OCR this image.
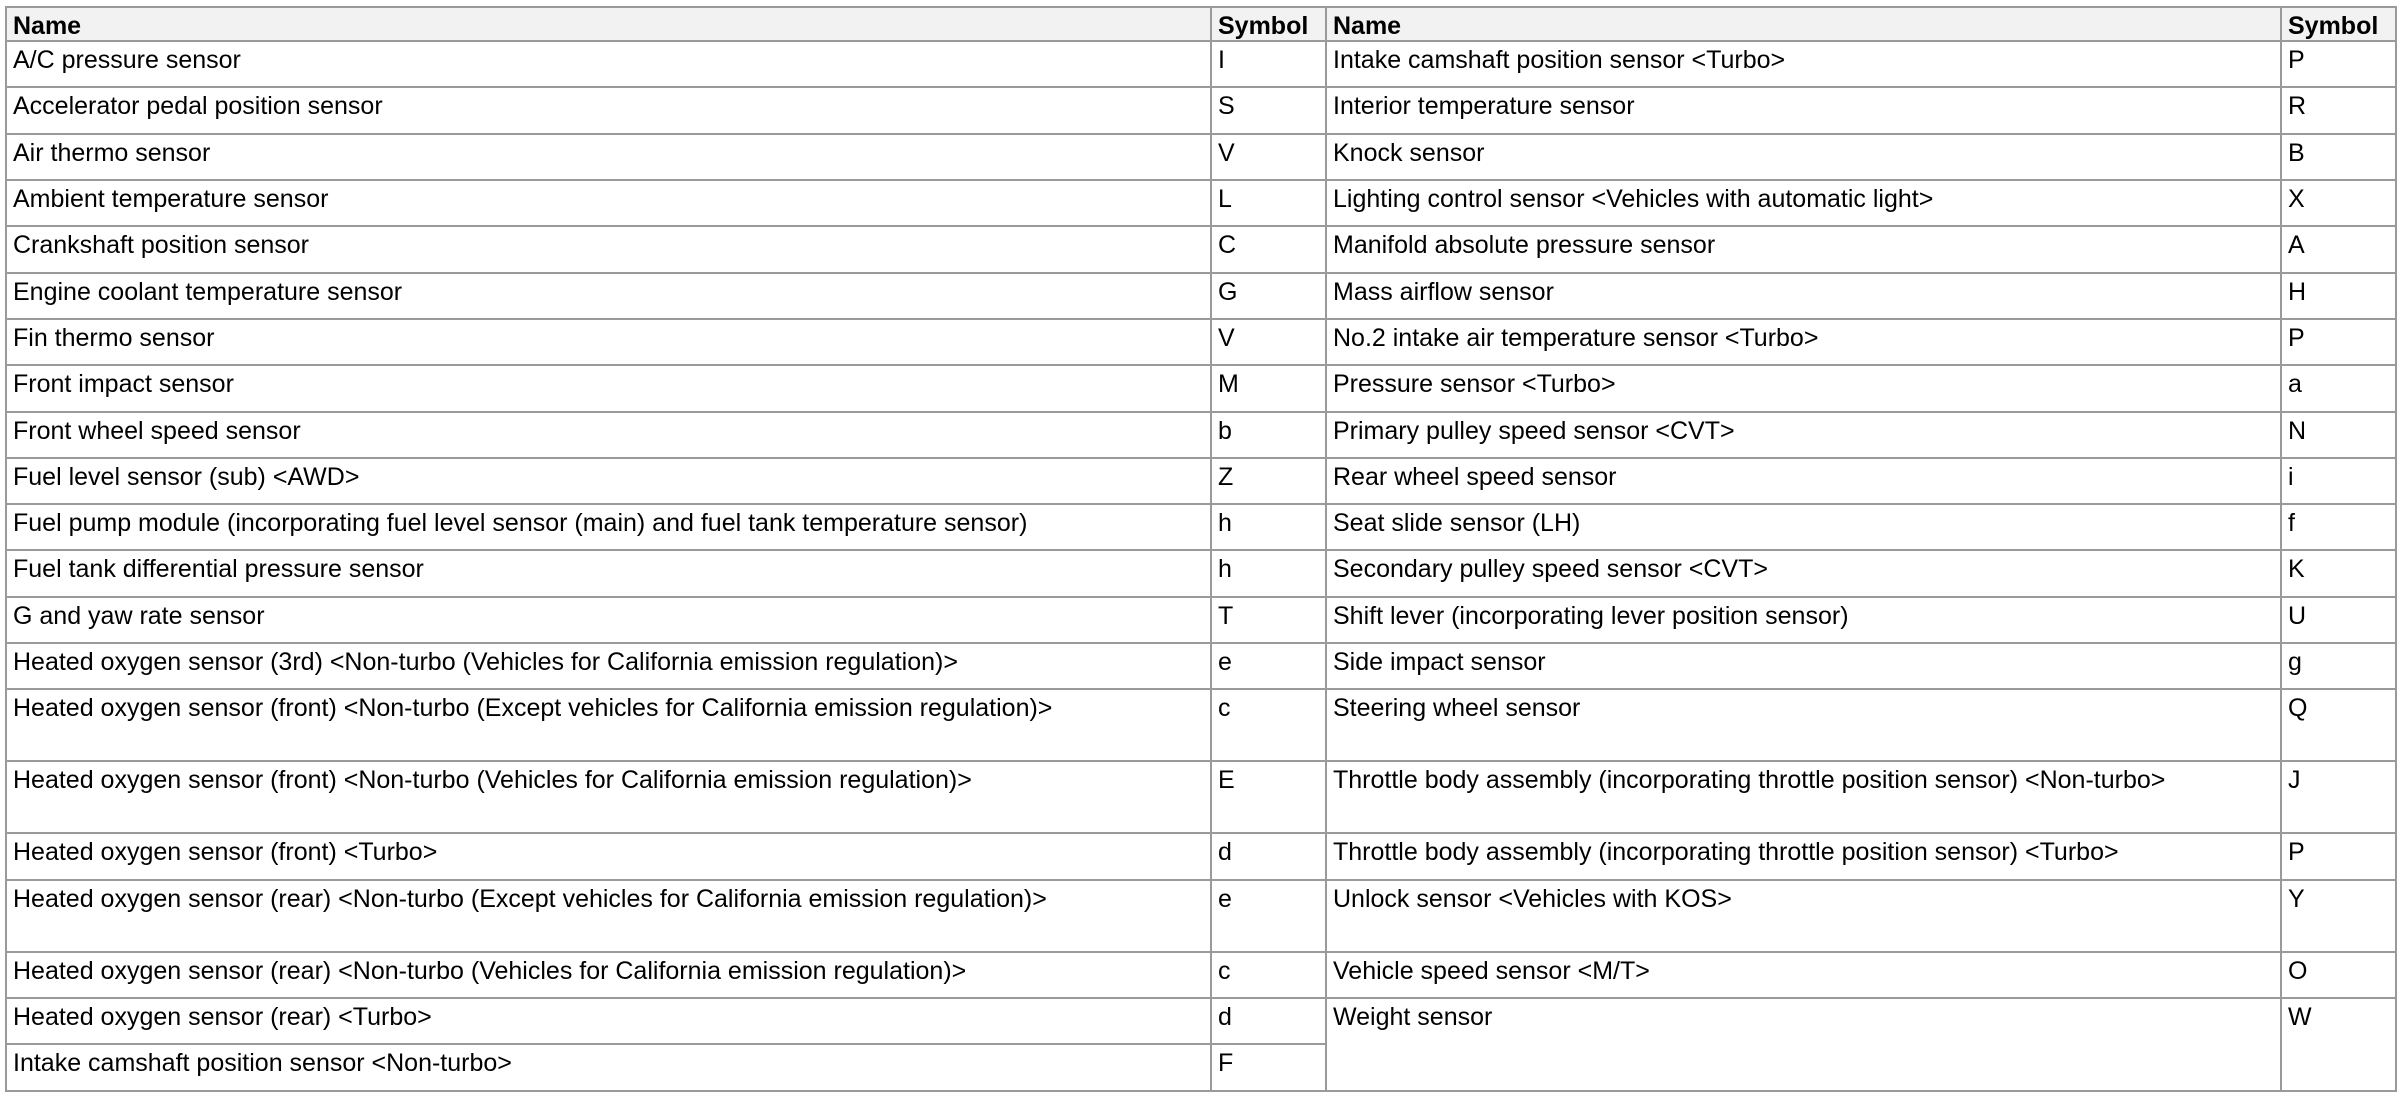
Name	Symbol	Name	Symbol
A/C pressure sensor	I	Intake camshaft position sensor <Turbo>	P
Accelerator pedal position sensor	S	Interior temperature sensor	R
Air thermo sensor	V	Knock sensor	B
Ambient temperature sensor	L	Lighting control sensor <Vehicles with automatic light>	X
Crankshaft position sensor	C	Manifold absolute pressure sensor	A
Engine coolant temperature sensor	G	Mass airflow sensor	H
Fin thermo sensor	V	No.2 intake air temperature sensor <Turbo>	P
Front impact sensor	M	Pressure sensor <Turbo>	a
Front wheel speed sensor	b	Primary pulley speed sensor <CVT>	N
Fuel level sensor (sub) <AWD>	Z	Rear wheel speed sensor	i
Fuel pump module (incorporating fuel level sensor (main) and fuel tank temperature sensor)	h	Seat slide sensor (LH)	f
Fuel tank differential pressure sensor	h	Secondary pulley speed sensor <CVT>	K
G and yaw rate sensor	T	Shift lever (incorporating lever position sensor)	U
Heated oxygen sensor (3rd) <Non-turbo (Vehicles for California emission regulation)>	e	Side impact sensor	g
Heated oxygen sensor (front) <Non-turbo (Except vehicles for California emission regulation)>	c	Steering wheel sensor	Q
Heated oxygen sensor (front) <Non-turbo (Vehicles for California emission regulation)>	E	Throttle body assembly (incorporating throttle position sensor) <Non-turbo>	J
Heated oxygen sensor (front) <Turbo>	d	Throttle body assembly (incorporating throttle position sensor) <Turbo>	P
Heated oxygen sensor (rear) <Non-turbo (Except vehicles for California emission regulation)>	e	Unlock sensor <Vehicles with KOS>	Y
Heated oxygen sensor (rear) <Non-turbo (Vehicles for California emission regulation)>	c	Vehicle speed sensor <M/T>	O
Heated oxygen sensor (rear) <Turbo>	d	Weight sensor	W
Intake camshaft position sensor <Non-turbo>	F		
